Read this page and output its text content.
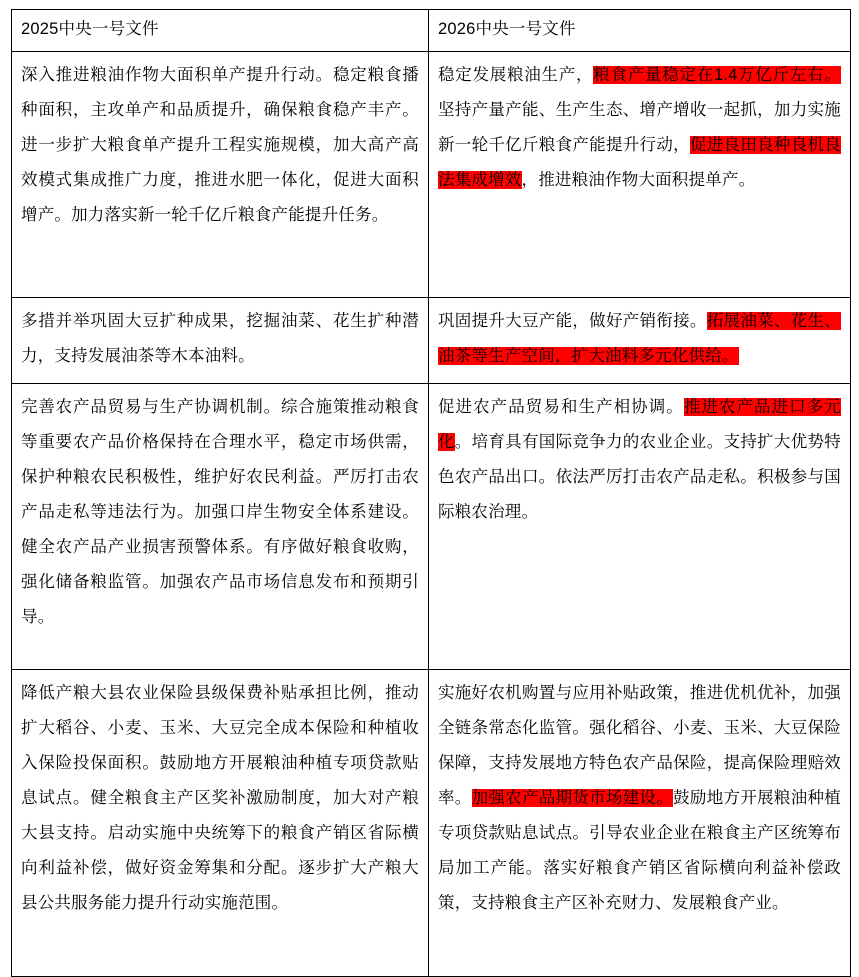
2025中央一号文件	2026中央一号文件

深入推进粮油作物大面积单产提升行动。稳定粮食播种面积，主攻单产和品质提升，确保粮食稳产丰产。进一步扩大粮食单产提升工程实施规模，加大高产高效模式集成推广力度，推进水肥一体化，促进大面积增产。加力落实新一轮千亿斤粮食产能提升任务。	稳定发展粮油生产，粮食产量稳定在1.4万亿斤左右。坚持产量产能、生产生态、增产增收一起抓，加力实施新一轮千亿斤粮食产能提升行动，促进良田良种良机良法集成增效，推进粮油作物大面积提单产。

多措并举巩固大豆扩种成果，挖掘油菜、花生扩种潜力，支持发展油茶等木本油料。	巩固提升大豆产能，做好产销衔接。拓展油菜、花生、油茶等生产空间，扩大油料多元化供给。

完善农产品贸易与生产协调机制。综合施策推动粮食等重要农产品价格保持在合理水平，稳定市场供需，保护种粮农民积极性，维护好农民利益。严厉打击农产品走私等违法行为。加强口岸生物安全体系建设。健全农产品产业损害预警体系。有序做好粮食收购，强化储备粮监管。加强农产品市场信息发布和预期引导。	促进农产品贸易和生产相协调。推进农产品进口多元化。培育具有国际竞争力的农业企业。支持扩大优势特色农产品出口。依法严厉打击农产品走私。积极参与国际粮农治理。

降低产粮大县农业保险县级保费补贴承担比例，推动扩大稻谷、小麦、玉米、大豆完全成本保险和种植收入保险投保面积。鼓励地方开展粮油种植专项贷款贴息试点。健全粮食主产区奖补激励制度，加大对产粮大县支持。启动实施中央统筹下的粮食产销区省际横向利益补偿，做好资金筹集和分配。逐步扩大产粮大县公共服务能力提升行动实施范围。	实施好农机购置与应用补贴政策，推进优机优补，加强全链条常态化监管。强化稻谷、小麦、玉米、大豆保险保障，支持发展地方特色农产品保险，提高保险理赔效率。加强农产品期货市场建设。鼓励地方开展粮油种植专项贷款贴息试点。引导农业企业在粮食主产区统筹布局加工产能。落实好粮食产销区省际横向利益补偿政策，支持粮食主产区补充财力、发展粮食产业。
